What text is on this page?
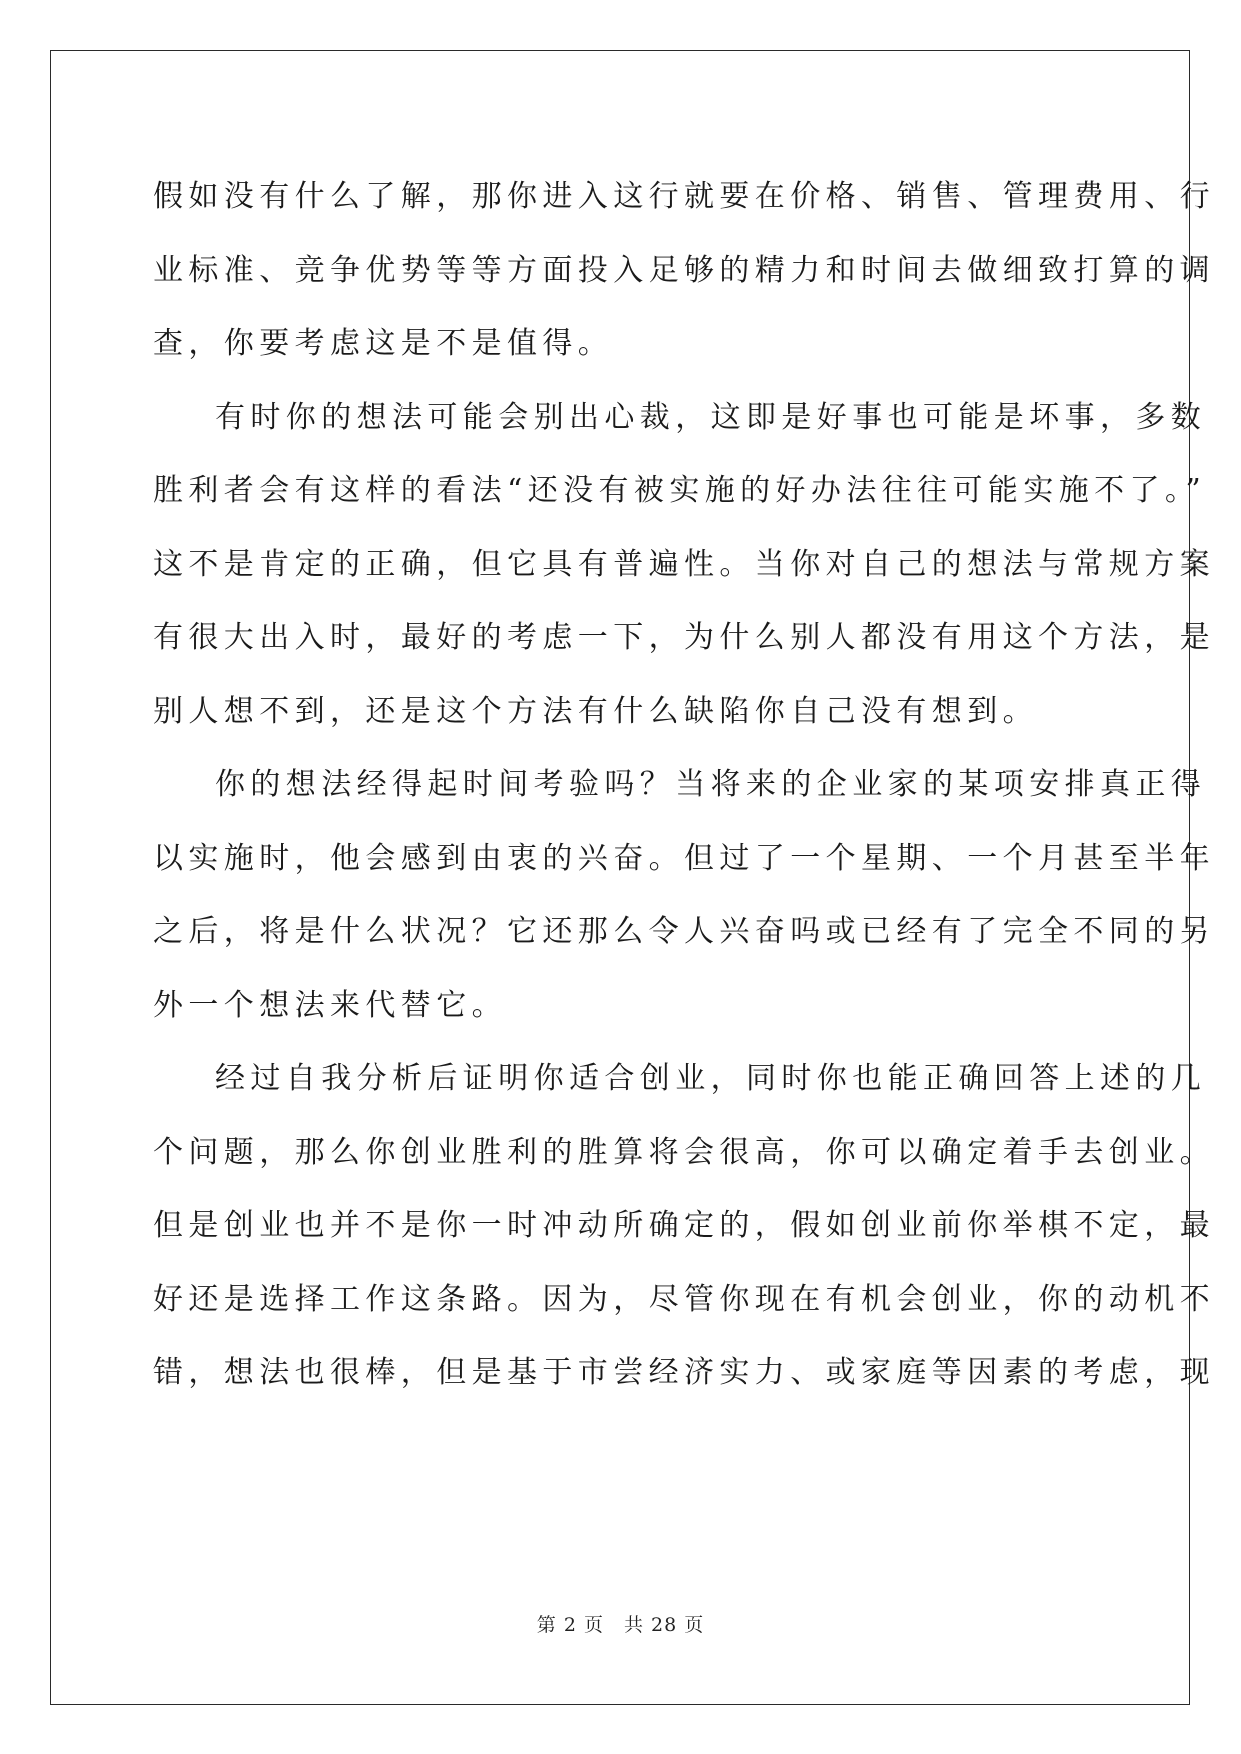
假如没有什么了解，那你进入这行就要在价格、销售、管理费用、行
业标准、竞争优势等等方面投入足够的精力和时间去做细致打算的调
查，你要考虑这是不是值得。
有时你的想法可能会别出心裁，这即是好事也可能是坏事，多数
胜利者会有这样的看法“还没有被实施的好办法往往可能实施不了。”
这不是肯定的正确，但它具有普遍性。当你对自己的想法与常规方案
有很大出入时，最好的考虑一下，为什么别人都没有用这个方法，是
别人想不到，还是这个方法有什么缺陷你自己没有想到。
你的想法经得起时间考验吗？当将来的企业家的某项安排真正得
以实施时，他会感到由衷的兴奋。但过了一个星期、一个月甚至半年
之后，将是什么状况？它还那么令人兴奋吗或已经有了完全不同的另
外一个想法来代替它。
经过自我分析后证明你适合创业，同时你也能正确回答上述的几
个问题，那么你创业胜利的胜算将会很高，你可以确定着手去创业。
但是创业也并不是你一时冲动所确定的，假如创业前你举棋不定，最
好还是选择工作这条路。因为，尽管你现在有机会创业，你的动机不
错，想法也很棒，但是基于市尝经济实力、或家庭等因素的考虑，现
第 2 页 共 28 页
